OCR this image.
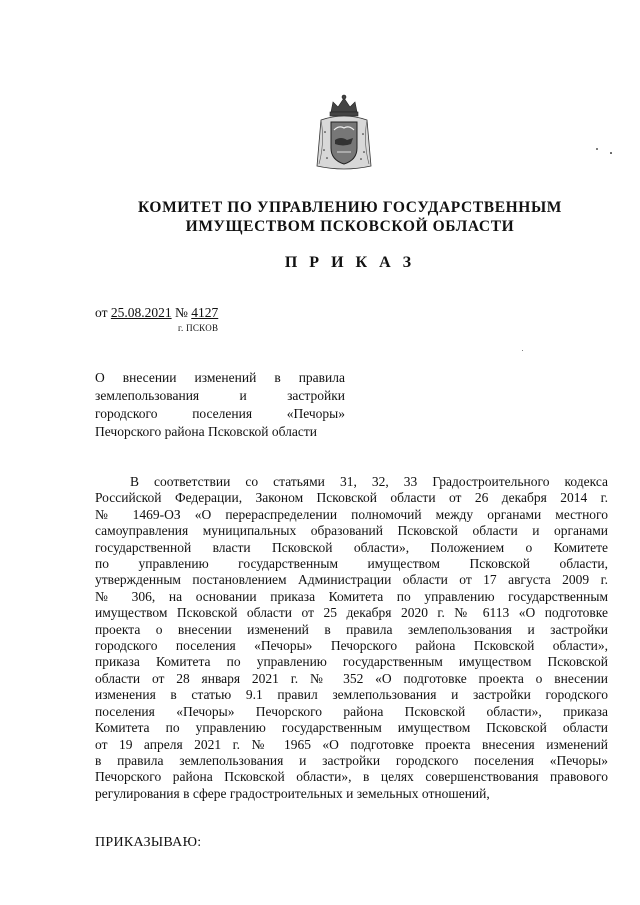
КОМИТЕТ ПО УПРАВЛЕНИЮ ГОСУДАРСТВЕННЫМ
ИМУЩЕСТВОМ ПСКОВСКОЙ ОБЛАСТИ
П Р И К А З
от 25.08.2021 № 4127
г. ПСКОВ
О внесении изменений в правила
землепользования и застройки
городского поселения «Печоры»
Печорского района Псковской области
В соответствии со статьями 31, 32, 33 Градостроительного кодекса
Российской Федерации, Законом Псковской области от 26 декабря 2014 г.
№ 1469-ОЗ «О перераспределении полномочий между органами местного
самоуправления муниципальных образований Псковской области и органами
государственной власти Псковской области», Положением о Комитете
по управлению государственным имуществом Псковской области,
утвержденным постановлением Администрации области от 17 августа 2009 г.
№ 306, на основании приказа Комитета по управлению государственным
имуществом Псковской области от 25 декабря 2020 г. № 6113 «О подготовке
проекта о внесении изменений в правила землепользования и застройки
городского поселения «Печоры» Печорского района Псковской области»,
приказа Комитета по управлению государственным имуществом Псковской
области от 28 января 2021 г. № 352 «О подготовке проекта о внесении
изменения в статью 9.1 правил землепользования и застройки городского
поселения «Печоры» Печорского района Псковской области», приказа
Комитета по управлению государственным имуществом Псковской области
от 19 апреля 2021 г. № 1965 «О подготовке проекта внесения изменений
в правила землепользования и застройки городского поселения «Печоры»
Печорского района Псковской области», в целях совершенствования правового
регулирования в сфере градостроительных и земельных отношений,
ПРИКАЗЫВАЮ:
